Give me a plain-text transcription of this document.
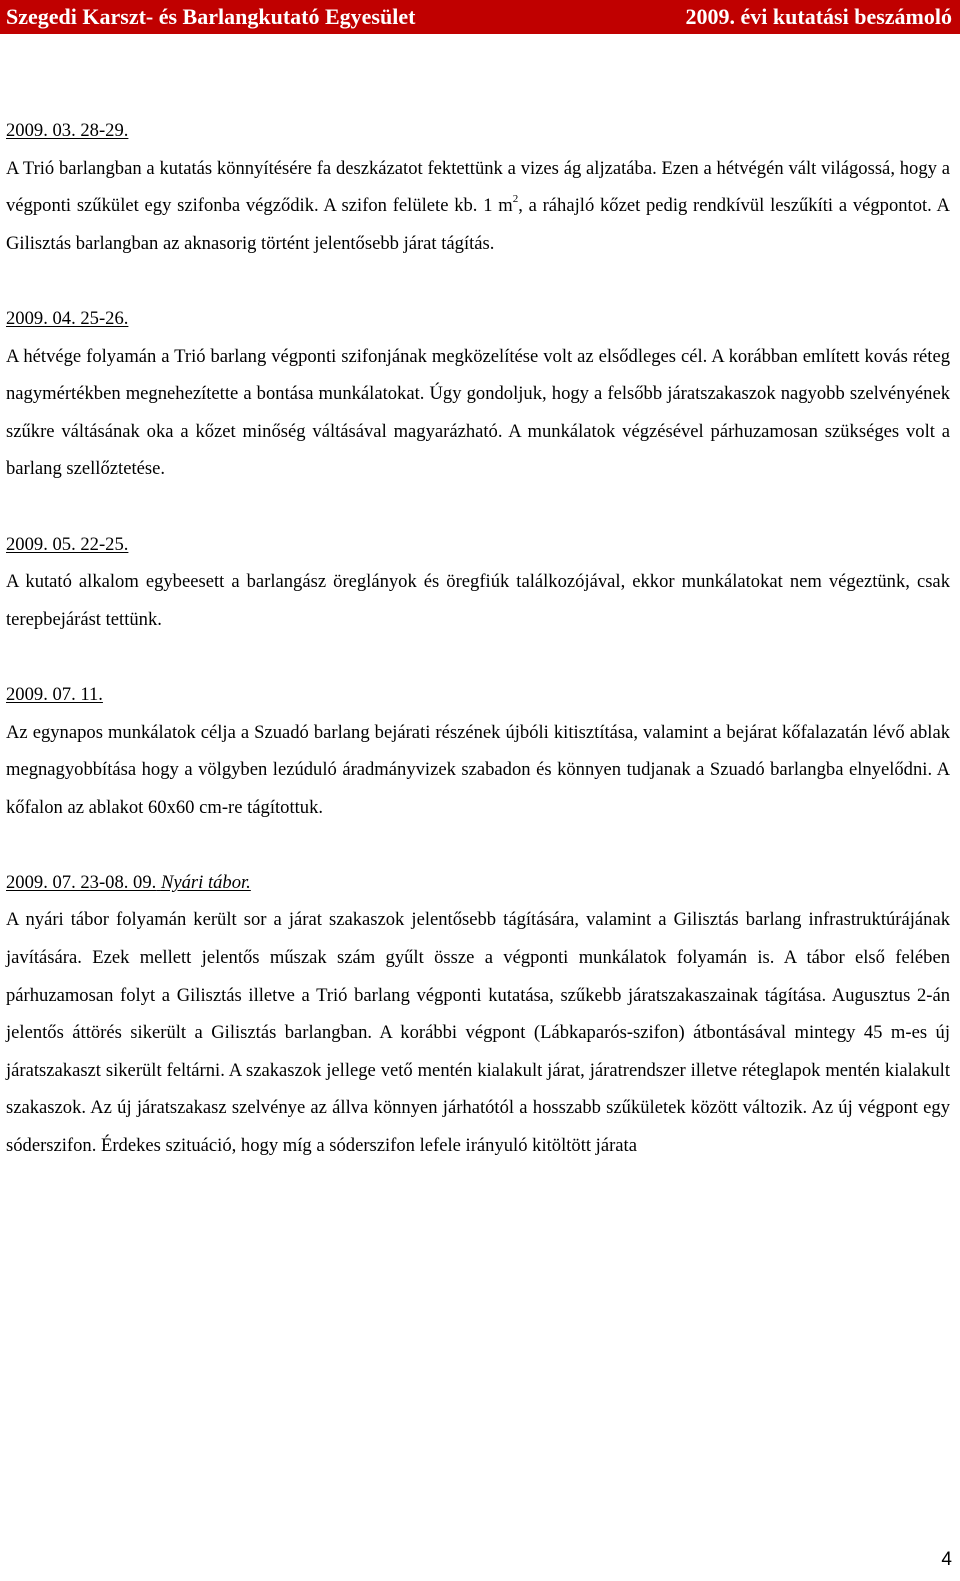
Szegedi Karszt- és Barlangkutató Egyesület	2009. évi kutatási beszámoló
2009. 03. 28-29.
A Trió barlangban a kutatás könnyítésére fa deszkázatot fektettünk a vizes ág aljzatába. Ezen a hétvégén vált világossá, hogy a végponti szűkület egy szifonba végződik. A szifon felülete kb. 1 $m^2$, a ráhajló kőzet pedig rendkívül leszűkíti a végpontot. A Gilisztás barlangban az aknasorig történt jelentősebb járat tágítás.
2009. 04. 25-26.
A hétvége folyamán a Trió barlang végponti szifonjának megközelítése volt az elsődleges cél. A korábban említett kovás réteg nagymértékben megnehezítette a bontása munkálatokat. Úgy gondoljuk, hogy a felsőbb járatszakaszok nagyobb szelvényének szűkre váltásának oka a kőzet minőség váltásával magyarázható. A munkálatok végzésével párhuzamosan szükséges volt a barlang szellőztetése.
2009. 05. 22-25.
A kutató alkalom egybeesett a barlangász öreglányok és öregfiúk találkozójával, ekkor munkálatokat nem végeztünk, csak terepbejárást tettünk.
2009. 07. 11.
Az egynapos munkálatok célja a Szuadó barlang bejárati részének újbóli kitisztítása, valamint a bejárat kőfalazatán lévő ablak megnagyobbítása hogy a völgyben lezúduló áradmányvizek szabadon és könnyen tudjanak a Szuadó barlangba elnyelődni. A kőfalon az ablakot 60x60 cm-re tágítottuk.
2009. 07. 23-08. 09. Nyári tábor.
A nyári tábor folyamán került sor a járat szakaszok jelentősebb tágítására, valamint a Gilisztás barlang infrastruktúrájának javítására. Ezek mellett jelentős műszak szám gyűlt össze a végponti munkálatok folyamán is. A tábor első felében párhuzamosan folyt a Gilisztás illetve a Trió barlang végponti kutatása, szűkebb járatszakaszainak tágítása. Augusztus 2-án jelentős áttörés sikerült a Gilisztás barlangban. A korábbi végpont (Lábkaparós-szifon) átbontásával mintegy 45 m-es új járatszakaszt sikerült feltárni. A szakaszok jellege vető mentén kialakult járat, járatrendszer illetve réteglapok mentén kialakult szakaszok. Az új járatszakasz szelvénye az állva könnyen járhatótól a hosszabb szűkületek között változik. Az új végpont egy sóderszifon. Érdekes szituáció, hogy míg a sóderszifon lefele irányuló kitöltött járata
4
